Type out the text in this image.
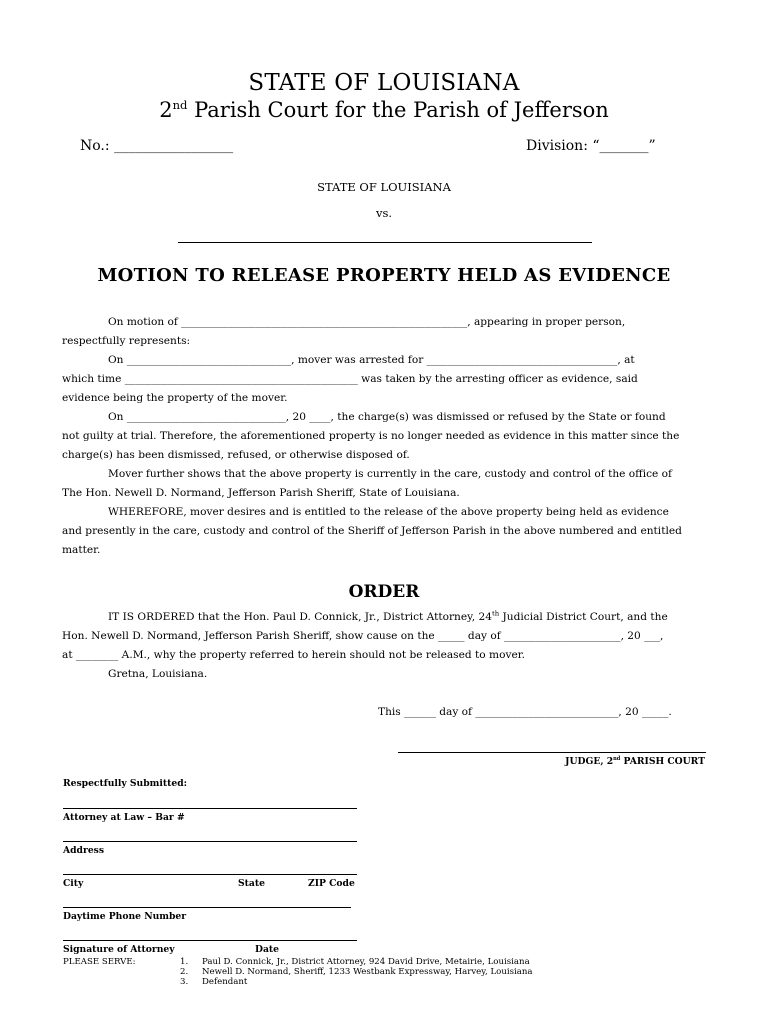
STATE OF LOUISIANA
2nd Parish Court for the Parish of Jefferson
No.: _________________	Division: “_______”
STATE OF LOUISIANA
vs.
MOTION TO RELEASE PROPERTY HELD AS EVIDENCE

On motion of ______________________________________________________, appearing in proper person,

respectfully represents:

On _______________________________, mover was arrested for ____________________________________, at

which time ____________________________________________ was taken by the arresting officer as evidence, said

evidence being the property of the mover.

On ______________________________, 20 ____, the charge(s) was dismissed or refused by the State or found

not guilty at trial. Therefore, the aforementioned property is no longer needed as evidence in this matter since the

charge(s) has been dismissed, refused, or otherwise disposed of.

Mover further shows that the above property is currently in the care, custody and control of the office of

The Hon. Newell D. Normand, Jefferson Parish Sheriff, State of Louisiana.

WHEREFORE, mover desires and is entitled to the release of the above property being held as evidence

and presently in the care, custody and control of the Sheriff of Jefferson Parish in the above numbered and entitled

matter.

ORDER

IT IS ORDERED that the Hon. Paul D. Connick, Jr., District Attorney, 24th Judicial District Court, and the

Hon. Newell D. Normand, Jefferson Parish Sheriff, show cause on the _____ day of ______________________, 20 ___,

at ________ A.M., why the property referred to herein should not be released to mover.

Gretna, Louisiana.

This ______ day of ___________________________, 20 _____.
JUDGE, 2nd PARISH COURT
Respectfully Submitted:
Attorney at Law – Bar #
Address
City	State	ZIP Code
Daytime Phone Number
Signature of Attorney	Date
PLEASE SERVE:	1. Paul D. Connick, Jr., District Attorney, 924 David Drive, Metairie, Louisiana
2. Newell D. Normand, Sheriff, 1233 Westbank Expressway, Harvey, Louisiana
3. Defendant
